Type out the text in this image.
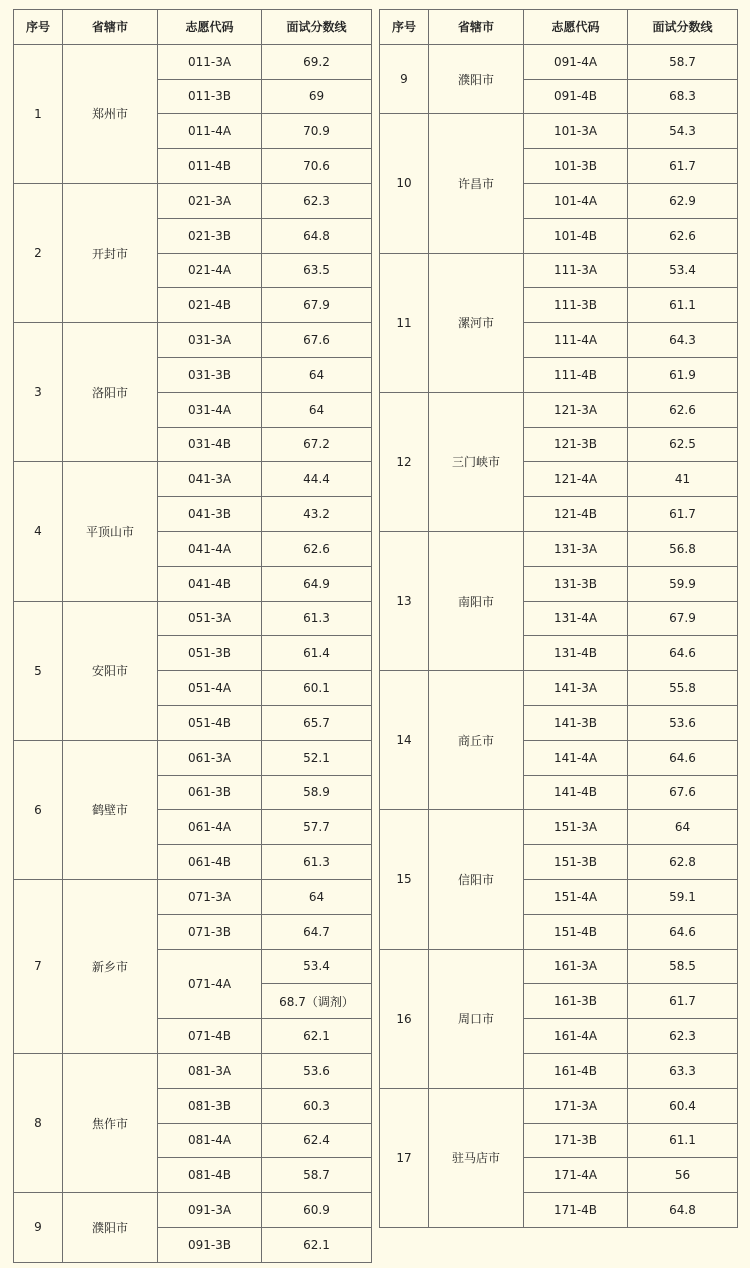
序号	省辖市	志愿代码	面试分数线
1	郑州市	011-3A	69.2
		011-3B	69
		011-4A	70.9
		011-4B	70.6
2	开封市	021-3A	62.3
		021-3B	64.8
		021-4A	63.5
		021-4B	67.9
3	洛阳市	031-3A	67.6
		031-3B	64
		031-4A	64
		031-4B	67.2
4	平顶山市	041-3A	44.4
		041-3B	43.2
		041-4A	62.6
		041-4B	64.9
5	安阳市	051-3A	61.3
		051-3B	61.4
		051-4A	60.1
		051-4B	65.7
6	鹤壁市	061-3A	52.1
		061-3B	58.9
		061-4A	57.7
		061-4B	61.3
7	新乡市	071-3A	64
		071-3B	64.7
		071-4A	53.4
			68.7（调剂）
		071-4B	62.1
8	焦作市	081-3A	53.6
		081-3B	60.3
		081-4A	62.4
		081-4B	58.7
9	濮阳市	091-3A	60.9
		091-3B	62.1
序号	省辖市	志愿代码	面试分数线
9	濮阳市	091-4A	58.7
		091-4B	68.3
10	许昌市	101-3A	54.3
		101-3B	61.7
		101-4A	62.9
		101-4B	62.6
11	漯河市	111-3A	53.4
		111-3B	61.1
		111-4A	64.3
		111-4B	61.9
12	三门峡市	121-3A	62.6
		121-3B	62.5
		121-4A	41
		121-4B	61.7
13	南阳市	131-3A	56.8
		131-3B	59.9
		131-4A	67.9
		131-4B	64.6
14	商丘市	141-3A	55.8
		141-3B	53.6
		141-4A	64.6
		141-4B	67.6
15	信阳市	151-3A	64
		151-3B	62.8
		151-4A	59.1
		151-4B	64.6
16	周口市	161-3A	58.5
		161-3B	61.7
		161-4A	62.3
		161-4B	63.3
17	驻马店市	171-3A	60.4
		171-3B	61.1
		171-4A	56
		171-4B	64.8
